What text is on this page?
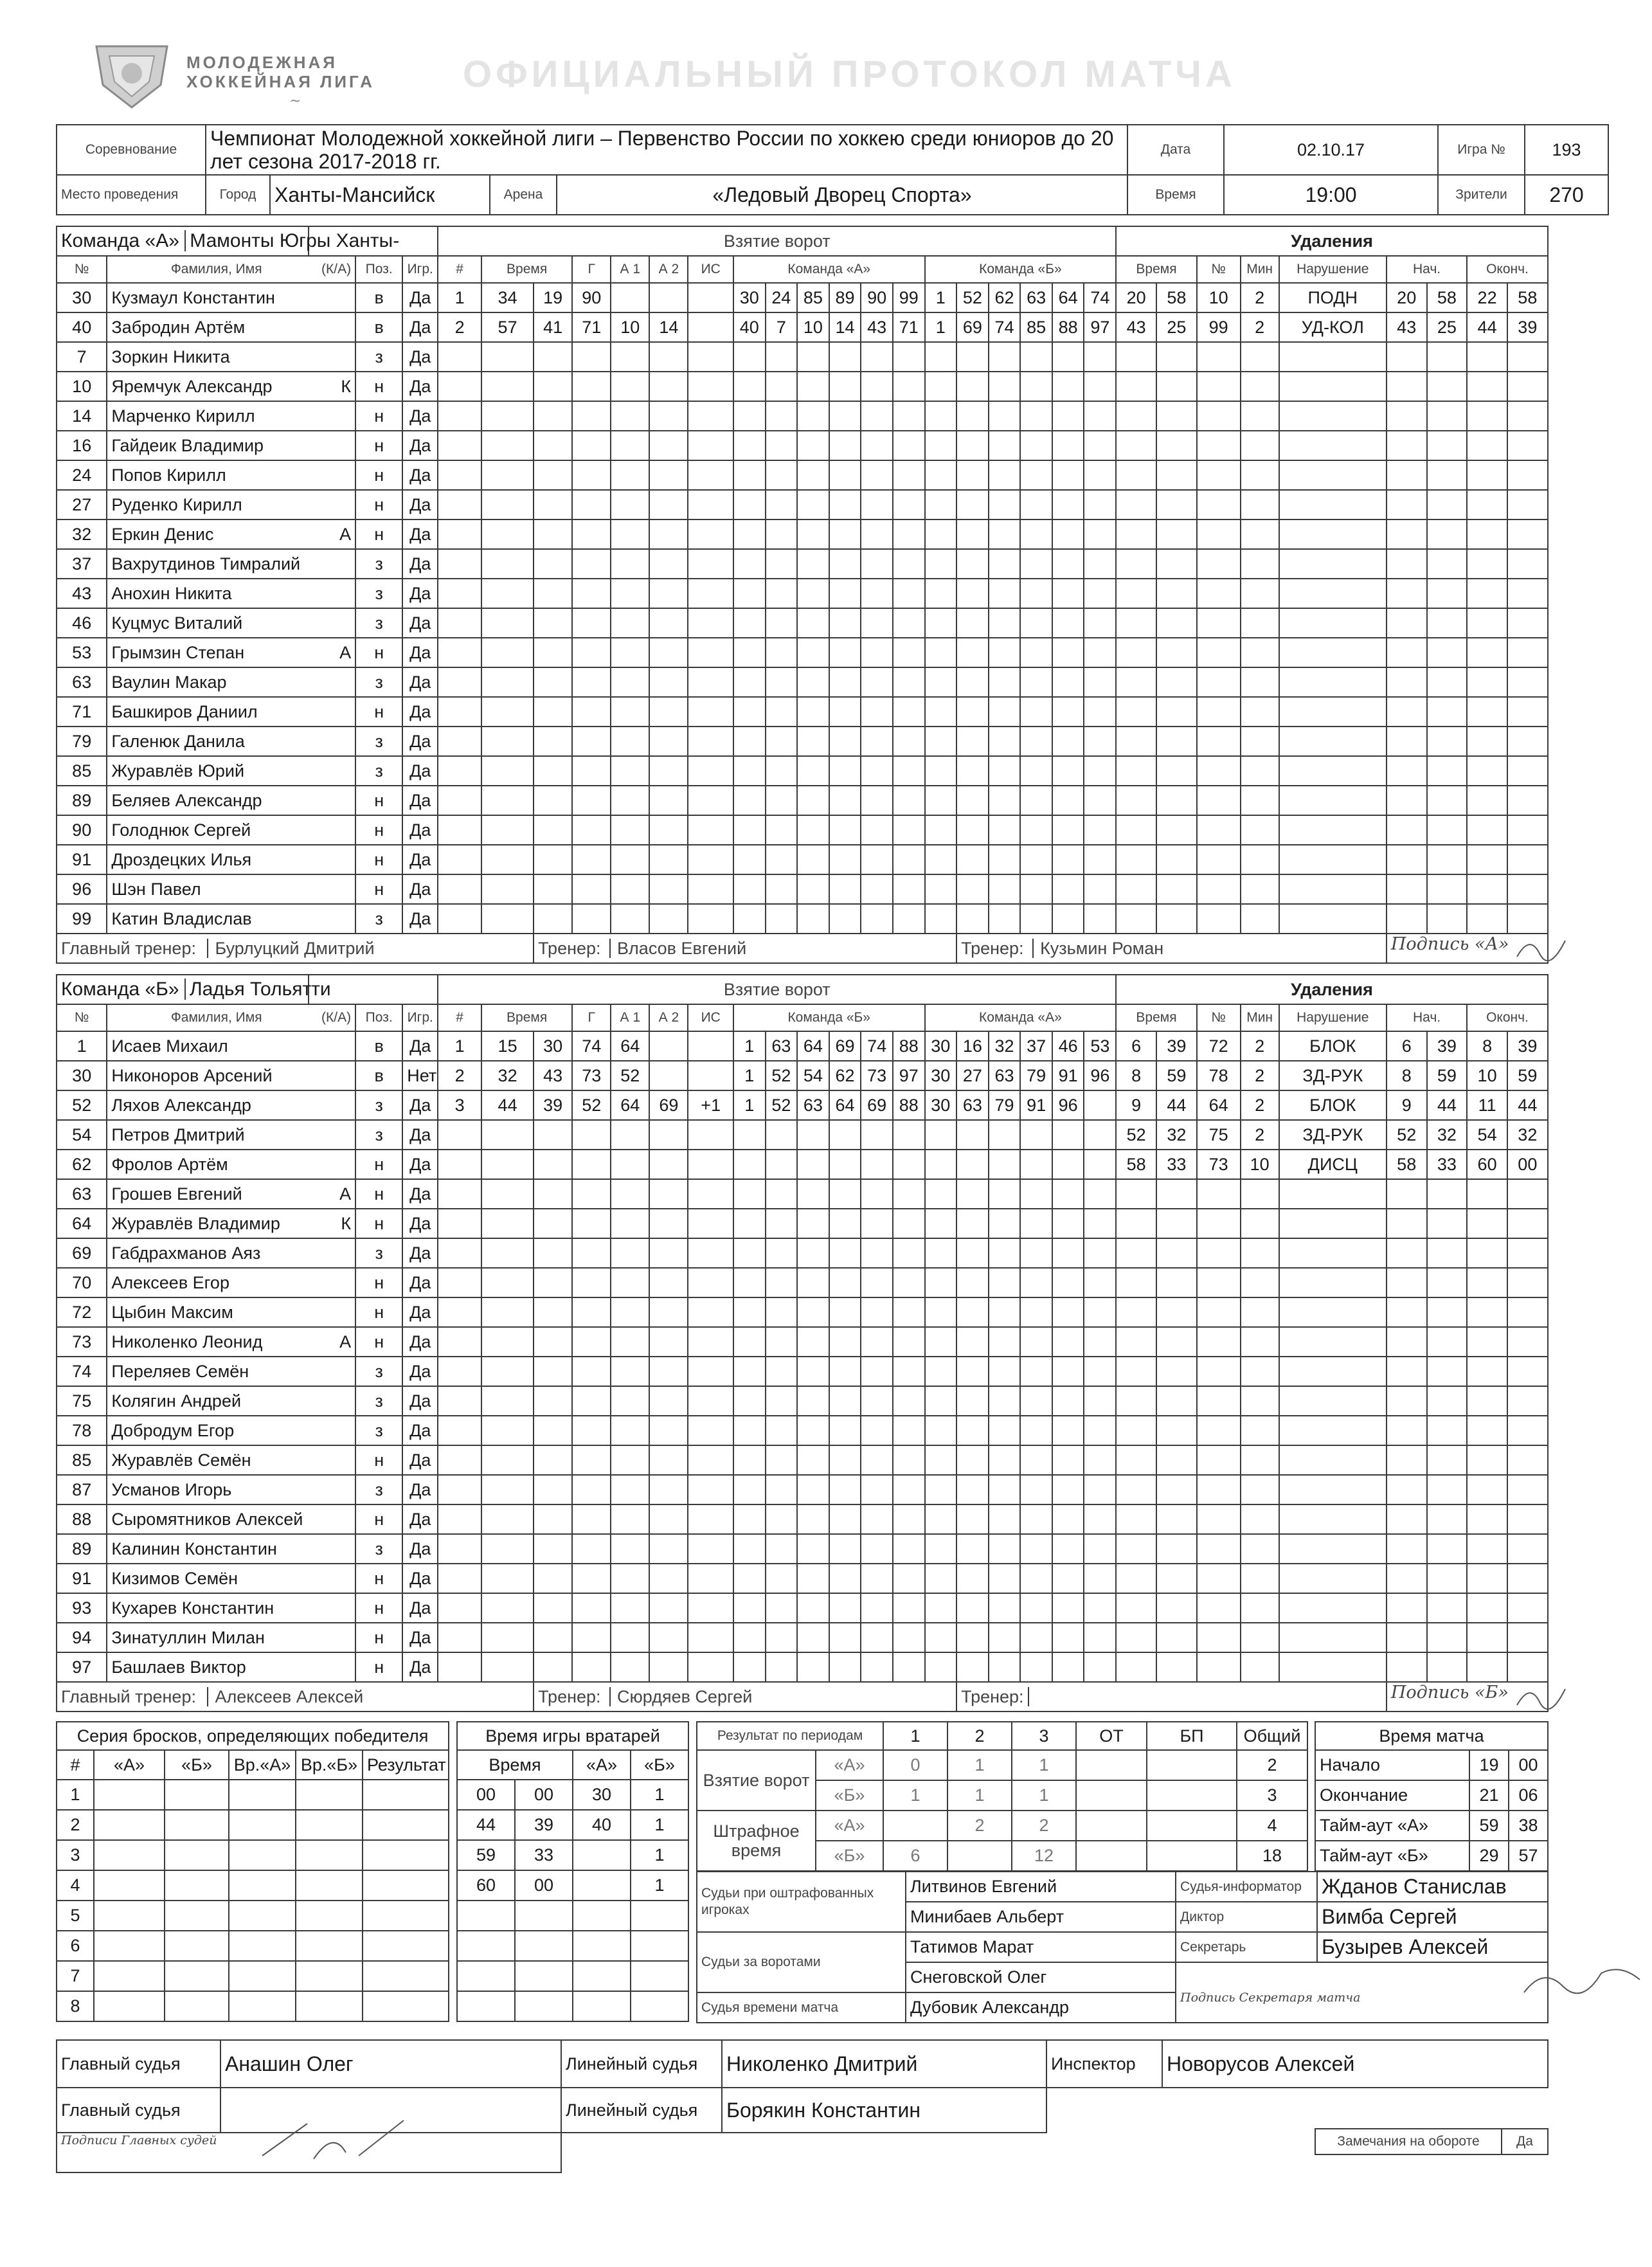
МОЛОДЕЖНАЯ
ХОККЕЙНАЯ ЛИГА
~
ОФИЦИАЛЬНЫЙ ПРОТОКОЛ МАТЧА
Соревнование	Чемпионат Молодежной хоккейной лиги – Первенство России по хоккею среди юниоров до 20 лет сезона 2017-2018 гг.				Дата	02.10.17	Игра №	193
Место проведения	Город	Ханты-Мансийск	Арена	«Ледовый Дворец Спорта»	Время	19:00	Зрители	270
Команда «А» Мамонты Югры Ханты-					Взятие ворот																			Удаления								
№	Фамилия, Имя (К/А)		Поз.	Игр.	#	Время		Г	А 1	А 2	ИС	Команда «А»						Команда «Б»						Время		№	Мин	Нарушение	Нач.		Оконч.	
30	Кузмаул Константин		в	Да	1	34	19	90				30	24	85	89	90	99	1	52	62	63	64	74	20	58	10	2	ПОДН	20	58	22	58
40	Забродин Артём		в	Да	2	57	41	71	10	14		40	7	10	14	43	71	1	69	74	85	88	97	43	25	99	2	УД-КОЛ	43	25	44	39
7	Зоркин Никита		з	Да																												
10	Яремчук Александр	К	н	Да																												
14	Марченко Кирилл		н	Да																												
16	Гайдеик Владимир		н	Да																												
24	Попов Кирилл		н	Да																												
27	Руденко Кирилл		н	Да																												
32	Еркин Денис	А	н	Да																												
37	Вахрутдинов Тимралий		з	Да																												
43	Анохин Никита		з	Да																												
46	Куцмус Виталий		з	Да																												
53	Грымзин Степан	А	н	Да																												
63	Ваулин Макар		з	Да																												
71	Башкиров Даниил		н	Да																												
79	Галенюк Данила		з	Да																												
85	Журавлёв Юрий		з	Да																												
89	Беляев Александр		н	Да																												
90	Голоднюк Сергей		н	Да																												
91	Дроздецких Илья		н	Да																												
96	Шэн Павел		н	Да																												
99	Катин Владислав		з	Да																												
Главный тренер: Бурлуцкий Дмитрий							Тренер: Власов Евгений												Тренер: Кузьмин Роман										Подпись «А»			
Команда «Б» Ладья Тольятти					Взятие ворот																			Удаления								
№	Фамилия, Имя (К/А)		Поз.	Игр.	#	Время		Г	А 1	А 2	ИС	Команда «Б»						Команда «А»						Время		№	Мин	Нарушение	Нач.		Оконч.	
1	Исаев Михаил		в	Да	1	15	30	74	64			1	63	64	69	74	88	30	16	32	37	46	53	6	39	72	2	БЛОК	6	39	8	39
30	Никоноров Арсений		в	Нет	2	32	43	73	52			1	52	54	62	73	97	30	27	63	79	91	96	8	59	78	2	ЗД-РУК	8	59	10	59
52	Ляхов Александр		з	Да	3	44	39	52	64	69	+1	1	52	63	64	69	88	30	63	79	91	96		9	44	64	2	БЛОК	9	44	11	44
54	Петров Дмитрий		з	Да																				52	32	75	2	ЗД-РУК	52	32	54	32
62	Фролов Артём		н	Да																				58	33	73	10	ДИСЦ	58	33	60	00
63	Грошев Евгений	А	н	Да																												
64	Журавлёв Владимир	К	н	Да																												
69	Габдрахманов Аяз		з	Да																												
70	Алексеев Егор		н	Да																												
72	Цыбин Максим		н	Да																												
73	Николенко Леонид	А	н	Да																												
74	Переляев Семён		з	Да																												
75	Колягин Андрей		з	Да																												
78	Добродум Егор		з	Да																												
85	Журавлёв Семён		н	Да																												
87	Усманов Игорь		з	Да																												
88	Сыромятников Алексей		н	Да																												
89	Калинин Константин		з	Да																												
91	Кизимов Семён		н	Да																												
93	Кухарев Константин		н	Да																												
94	Зинатуллин Милан		н	Да																												
97	Башлаев Виктор		н	Да																												
Главный тренер: Алексеев Алексей							Тренер: Сюрдяев Сергей												Тренер:										Подпись «Б»			
Серия бросков, определяющих победителя					
#	«А»	«Б»	Вр.«А»	Вр.«Б»	Результат
1					
2					
3					
4					
5					
6					
7					
8					
Время игры вратарей			
Время		«А»	«Б»
00	00	30	1
44	39	40	1
59	33		1
60	00		1

Результат по периодам		1	2	3	ОТ	БП	Общий
Взятие ворот	«А»	0	1	1			2
	«Б»	1	1	1			3
Штрафное время	«А»		2	2			4
	«Б»	6		12			18
Время матча		
Начало	19	00
Окончание	21	06
Тайм-аут «А»	59	38
Тайм-аут «Б»	29	57
Судьи при оштрафованных игроках	Литвинов Евгений	Судья-информатор	Жданов Станислав
	Минибаев Альберт	Диктор	Вимба Сергей
Судьи за воротами	Татимов Марат	Секретарь	Бузырев Алексей
	Снеговской Олег	Подпись Секретаря матча	
Судья времени матча	Дубовик Александр		
Главный судья	Анашин Олег	Линейный судья	Николенко Дмитрий	Инспектор	Новорусов Алексей
Главный судья		Линейный судья	Борякин Константин		
Подписи Главных судей				
		Замечания на обороте	Да
